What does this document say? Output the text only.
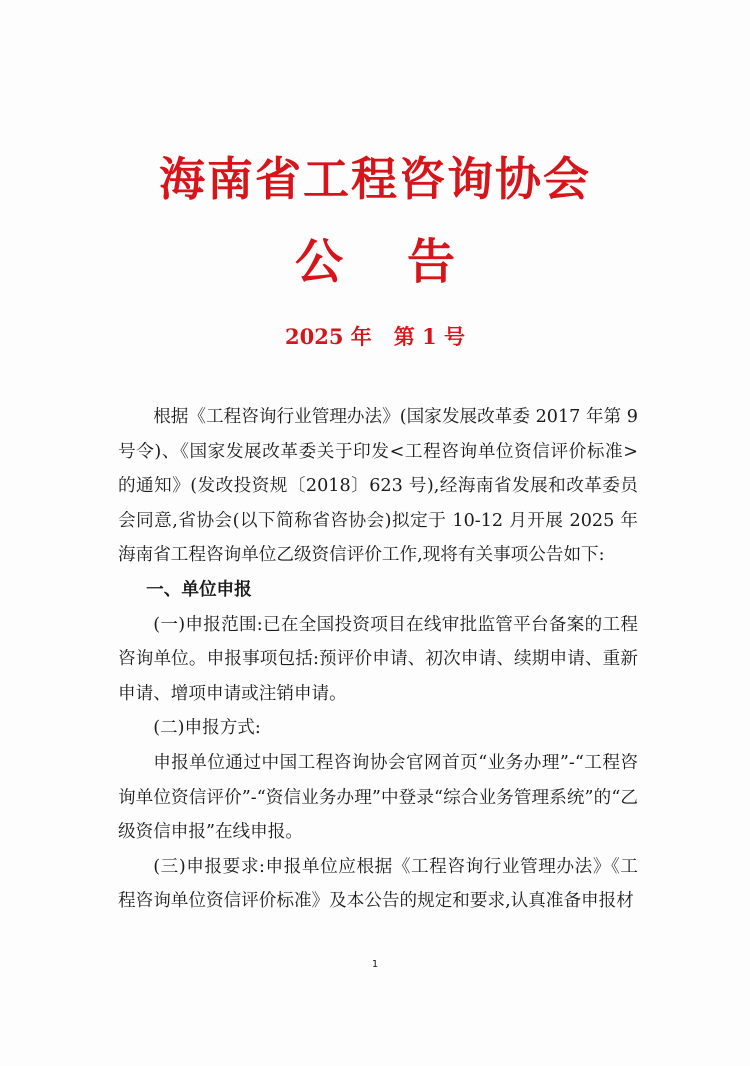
海南省工程咨询协会
公告
2025 年   第 1 号

根据《工程咨询行业管理办法》(国家发展改革委 2017 年第 9 号令)、《国家发展改革委关于印发<工程咨询单位资信评价标准>的通知》(发改投资规〔2018〕623 号),经海南省发展和改革委员会同意,省协会(以下简称省咨协会)拟定于 10-12 月开展 2025 年海南省工程咨询单位乙级资信评价工作,现将有关事项公告如下:

一、单位申报

(一)申报范围:已在全国投资项目在线审批监管平台备案的工程咨询单位。申报事项包括:预评价申请、初次申请、续期申请、重新申请、增项申请或注销申请。

(二)申报方式:

申报单位通过中国工程咨询协会官网首页“业务办理”-“工程咨询单位资信评价”-“资信业务办理”中登录“综合业务管理系统”的“乙级资信申报”在线申报。

(三)申报要求:申报单位应根据《工程咨询行业管理办法》《工程咨询单位资信评价标准》及本公告的规定和要求,认真准备申报材

1
